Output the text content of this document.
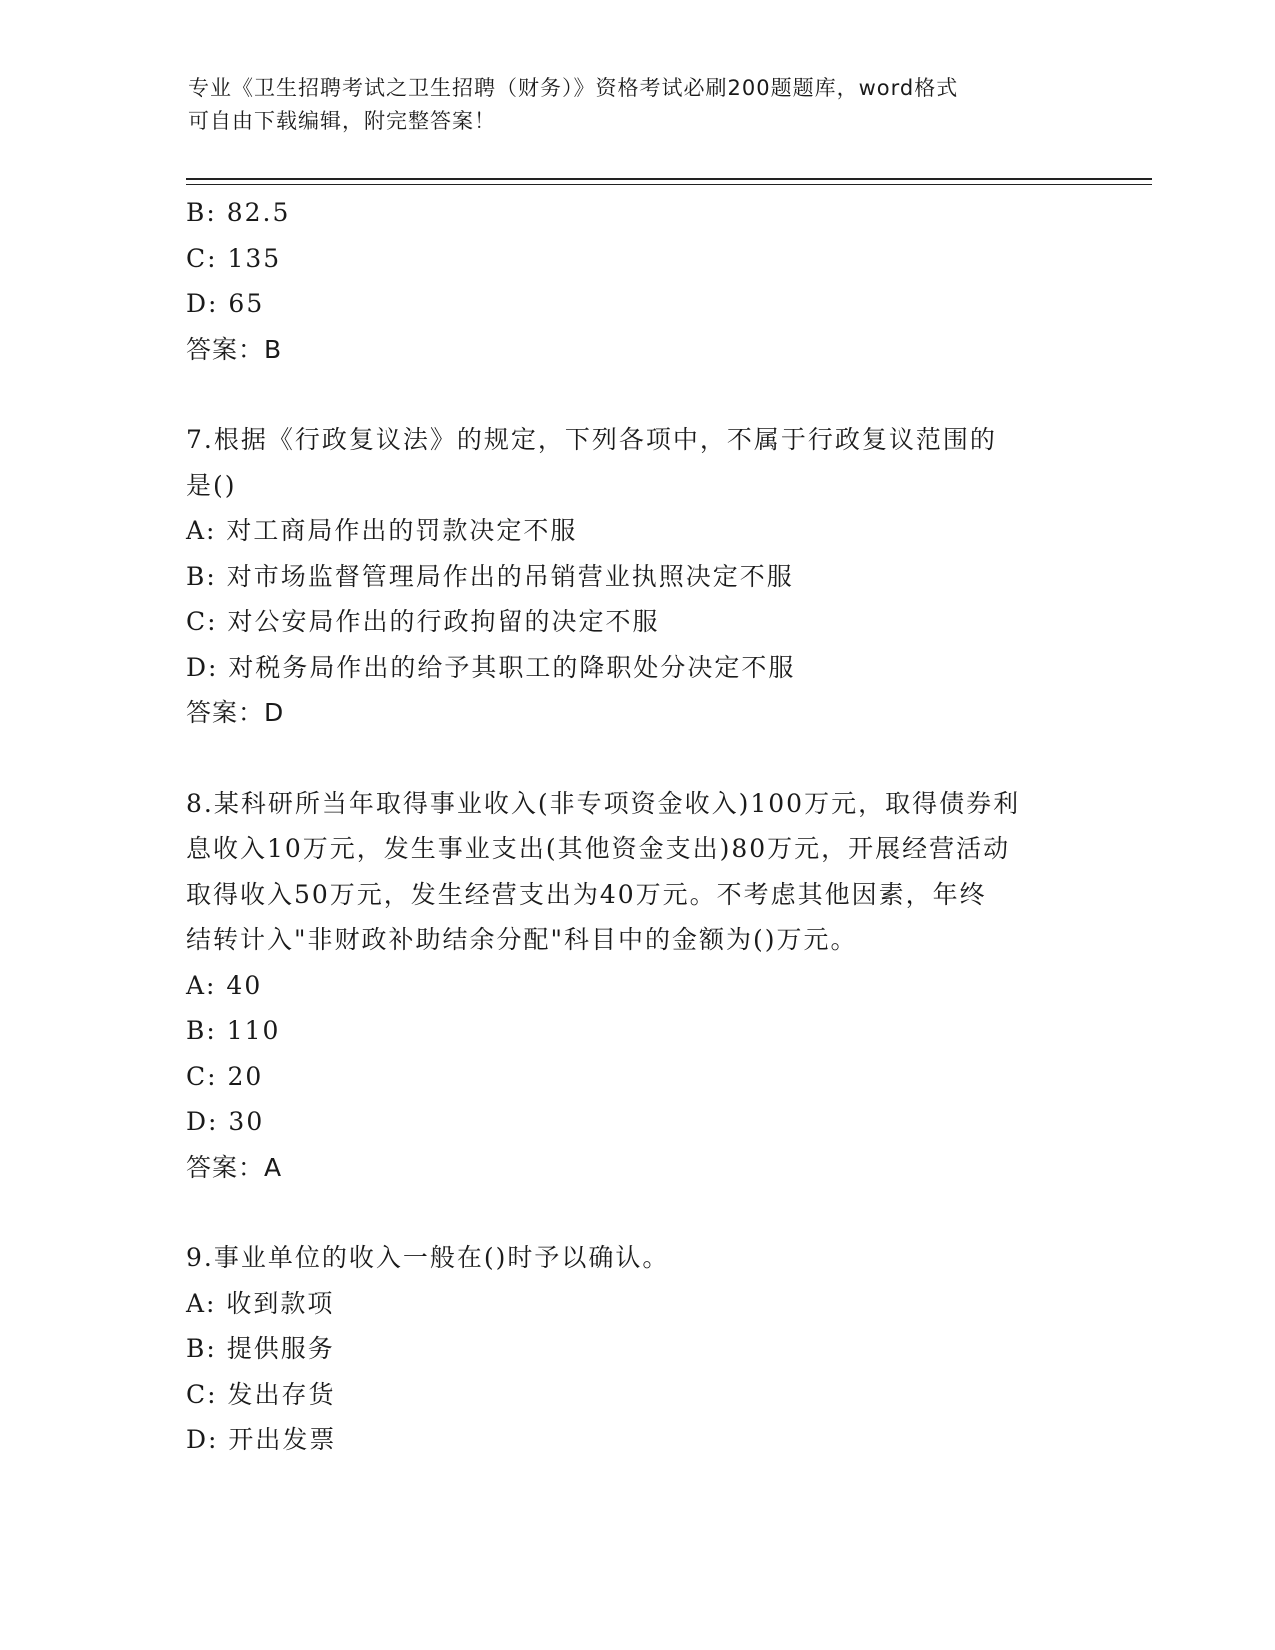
专业《卫生招聘考试之卫生招聘（财务）》资格考试必刷200题题库，word格式
可自由下载编辑，附完整答案！
B: 82.5
C: 135
D: 65
答案：B
7.根据《行政复议法》的规定，下列各项中，不属于行政复议范围的
是()
A: 对工商局作出的罚款决定不服
B: 对市场监督管理局作出的吊销营业执照决定不服
C: 对公安局作出的行政拘留的决定不服
D: 对税务局作出的给予其职工的降职处分决定不服
答案：D
8.某科研所当年取得事业收入(非专项资金收入)100万元，取得债券利
息收入10万元，发生事业支出(其他资金支出)80万元，开展经营活动
取得收入50万元，发生经营支出为40万元。不考虑其他因素，年终
结转计入"非财政补助结余分配"科目中的金额为()万元。
A: 40
B: 110
C: 20
D: 30
答案：A
9.事业单位的收入一般在()时予以确认。
A: 收到款项
B: 提供服务
C: 发出存货
D: 开出发票
